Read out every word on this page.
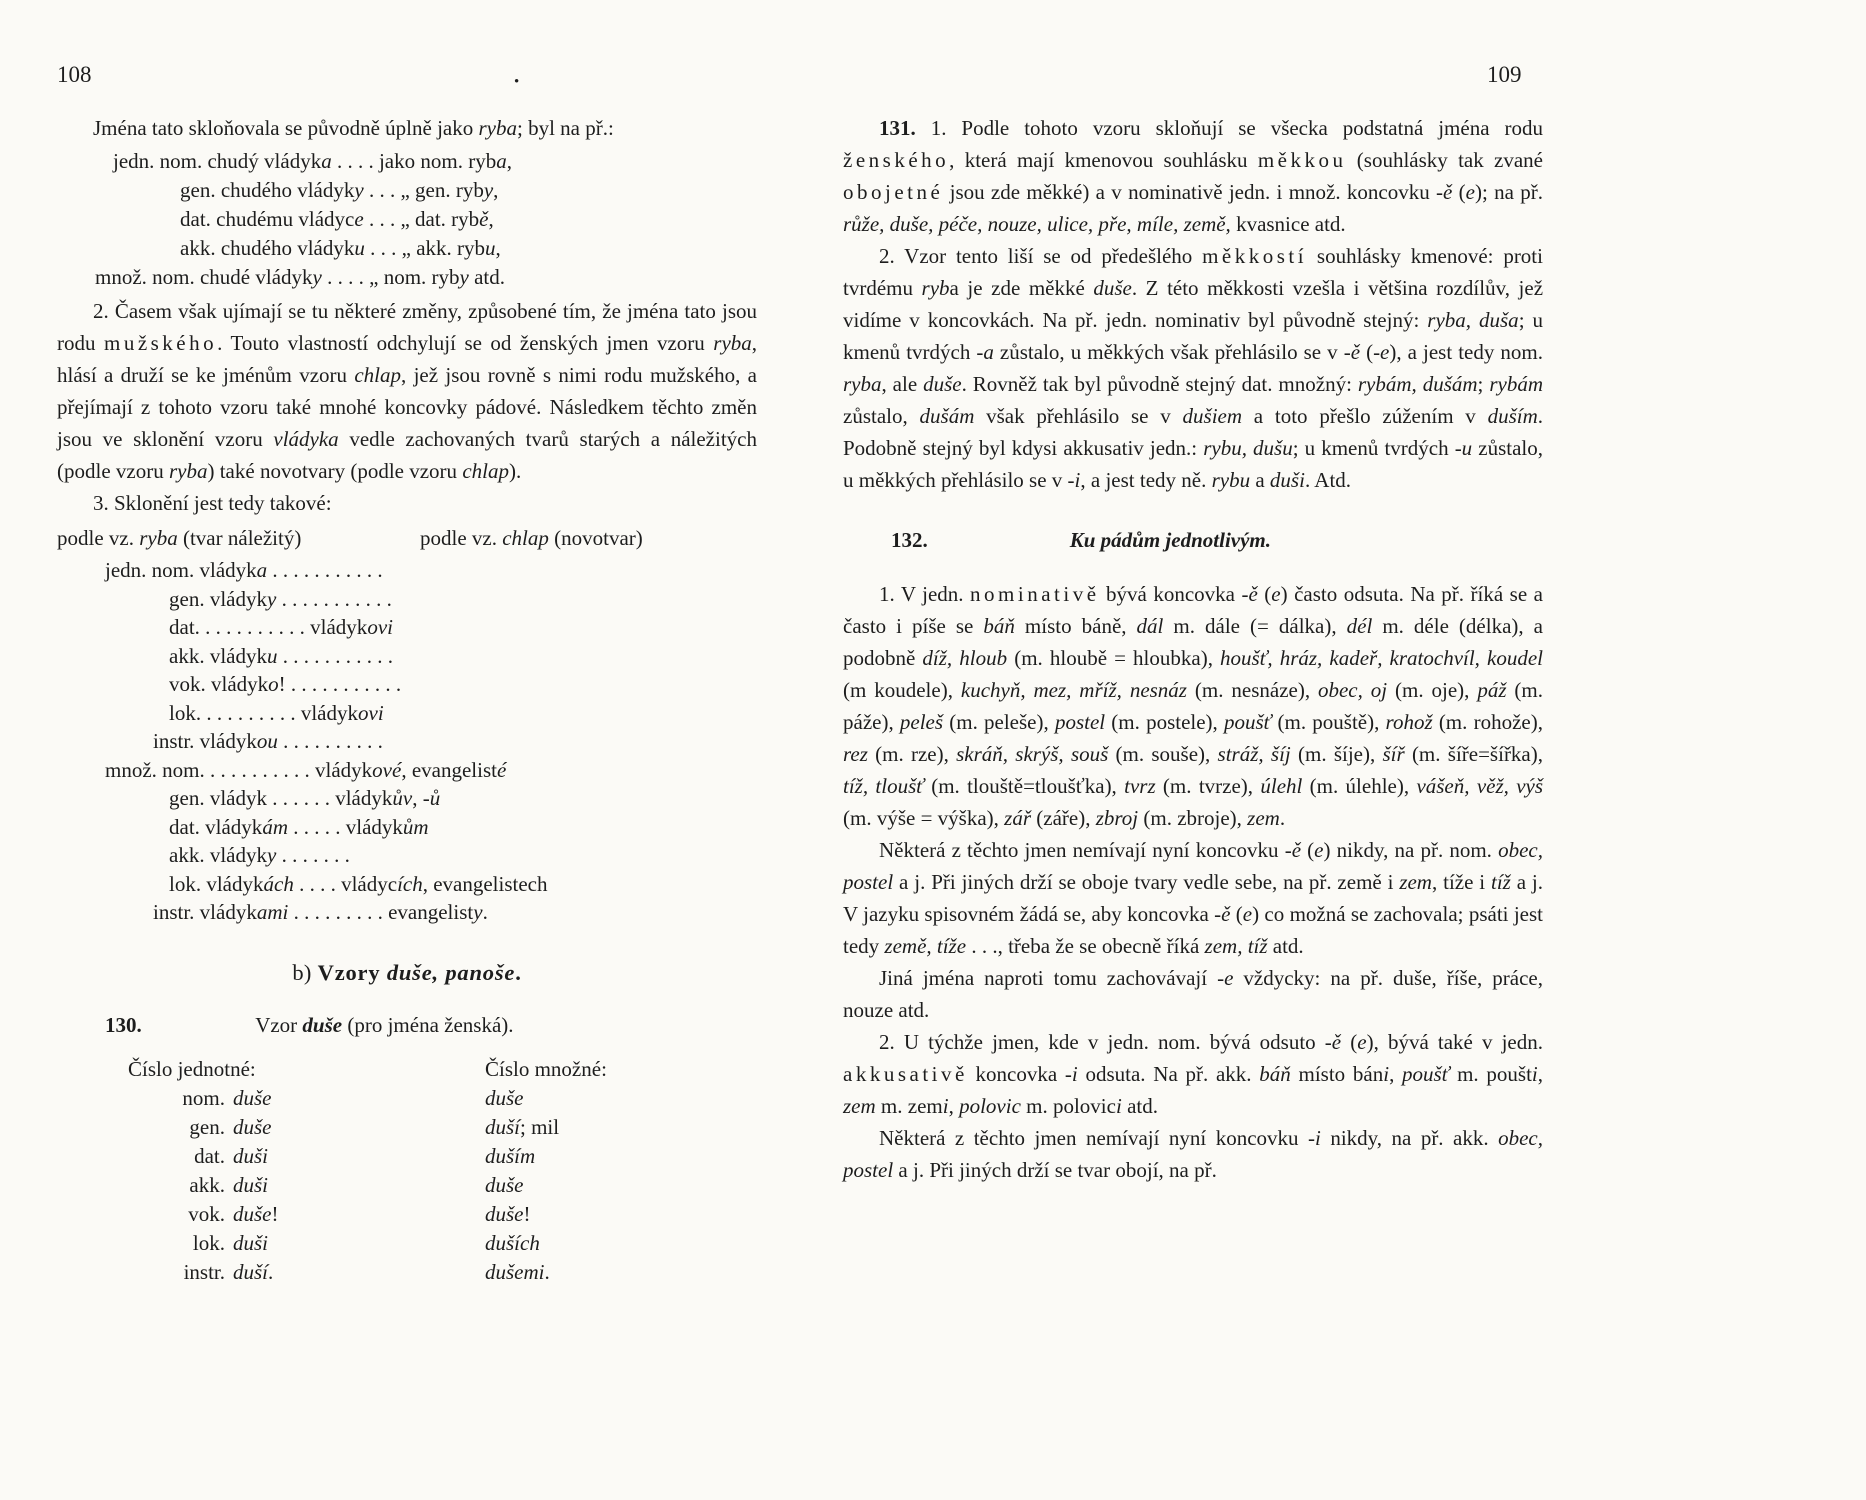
108	•	109

Jména tato skloňovala se původně úplně jako ryba; byl na př.:

jedn. nom. chudý vládyka . . . . jako nom. ryba,
gen. chudého vládyky . . . „ gen. ryby,
dat. chudému vládyce . . . „ dat. rybě,
akk. chudého vládyku . . . „ akk. rybu,
množ. nom. chudé vládyky . . . . „ nom. ryby atd.

2. Časem však ujímají se tu některé změny, způsobené tím, že jména tato jsou rodu mužského. Touto vlastností odchylují se od ženských jmen vzoru ryba, hlásí a druží se ke jménům vzoru chlap, jež jsou rovně s nimi rodu mužského, a přejímají z tohoto vzoru také mnohé koncovky pádové. Následkem těchto změn jsou ve sklonění vzoru vládyka vedle zachovaných tvarů starých a náležitých (podle vzoru ryba) také novotvary (podle vzoru chlap).

3. Sklonění jest tedy takové:

podle vz. ryba (tvar náležitý)	podle vz. chlap (novotvar)
jedn. nom. vládyka . . . . . . . . . . .
gen. vládyky . . . . . . . . . . .
dat. . . . . . . . . . . vládykovi
akk. vládyku . . . . . . . . . . .
vok. vládyko! . . . . . . . . . . .
lok. . . . . . . . . . vládykovi
instr. vládykou . . . . . . . . . .
množ. nom. . . . . . . . . . . vládykové, evangelisté
gen. vládyk . . . . . . vládykův, -ů
dat. vládykám . . . . . vládykům
akk. vládyky . . . . . . .
lok. vládykách . . . . vládycích, evangelistech
instr. vládykami . . . . . . . . . evangelisty.
b) Vzory duše, panoše.
130.	Vzor duše (pro jména ženská).
Číslo jednotné:	Číslo množné:
nom. duše	duše
gen. duše	duší; mil
dat. duši	duším
akk. duši	duše
vok. duše!	duše!
lok. duši	duších
instr. duší.	dušemi.

131. 1. Podle tohoto vzoru skloňují se všecka podstatná jména rodu ženského, která mají kmenovou souhlásku měkkou (souhlásky tak zvané obojetné jsou zde měkké) a v nominativě jedn. i množ. koncovku -ě (e); na př. růže, duše, péče, nouze, ulice, pře, míle, země, kvasnice atd.

2. Vzor tento liší se od předešlého měkkostí souhlásky kmenové: proti tvrdému ryba je zde měkké duše. Z této měkkosti vzešla i většina rozdílův, jež vidíme v koncovkách. Na př. jedn. nominativ byl původně stejný: ryba, duša; u kmenů tvrdých -a zůstalo, u měkkých však přehlásilo se v -ě (-e), a jest tedy nom. ryba, ale duše. Rovněž tak byl původně stejný dat. množný: rybám, dušám; rybám zůstalo, dušám však přehlásilo se v dušiem a toto přešlo zúžením v duším. Podobně stejný byl kdysi akkusativ jedn.: rybu, dušu; u kmenů tvrdých -u zůstalo, u měkkých přehlásilo se v -i, a jest tedy ně. rybu a duši. Atd.

132.	Ku pádům jednotlivým.

1. V jedn. nominativě bývá koncovka -ě (e) často odsuta. Na př. říká se a často i píše se báň místo báně, dál m. dále (= dálka), dél m. déle (délka), a podobně díž, hloub (m. hloubě = hloubka), houšť, hráz, kadeř, kratochvíl, koudel (m koudele), kuchyň, mez, mříž, nesnáz (m. nesnáze), obec, oj (m. oje), páž (m. páže), peleš (m. peleše), postel (m. postele), poušť (m. pouště), rohož (m. rohože), rez (m. rze), skráň, skrýš, souš (m. souše), stráž, šíj (m. šíje), šíř (m. šíře=šířka), tíž, tloušť (m. tlouště=tloušťka), tvrz (m. tvrze), úlehl (m. úlehle), vášeň, věž, výš (m. výše = výška), zář (záře), zbroj (m. zbroje), zem.

Některá z těchto jmen nemívají nyní koncovku -ě (e) nikdy, na př. nom. obec, postel a j. Při jiných drží se oboje tvary vedle sebe, na př. země i zem, tíže i tíž a j. V jazyku spisovném žádá se, aby koncovka -ě (e) co možná se zachovala; psáti jest tedy země, tíže . . ., třeba že se obecně říká zem, tíž atd.

Jiná jména naproti tomu zachovávají -e vždycky: na př. duše, říše, práce, nouze atd.

2. U týchže jmen, kde v jedn. nom. bývá odsuto -ě (e), bývá také v jedn. akkusativě koncovka -i odsuta. Na př. akk. báň místo báni, poušť m. poušti, zem m. zemi, polovic m. polovici atd.

Některá z těchto jmen nemívají nyní koncovku -i nikdy, na př. akk. obec, postel a j. Při jiných drží se tvar obojí, na př.
